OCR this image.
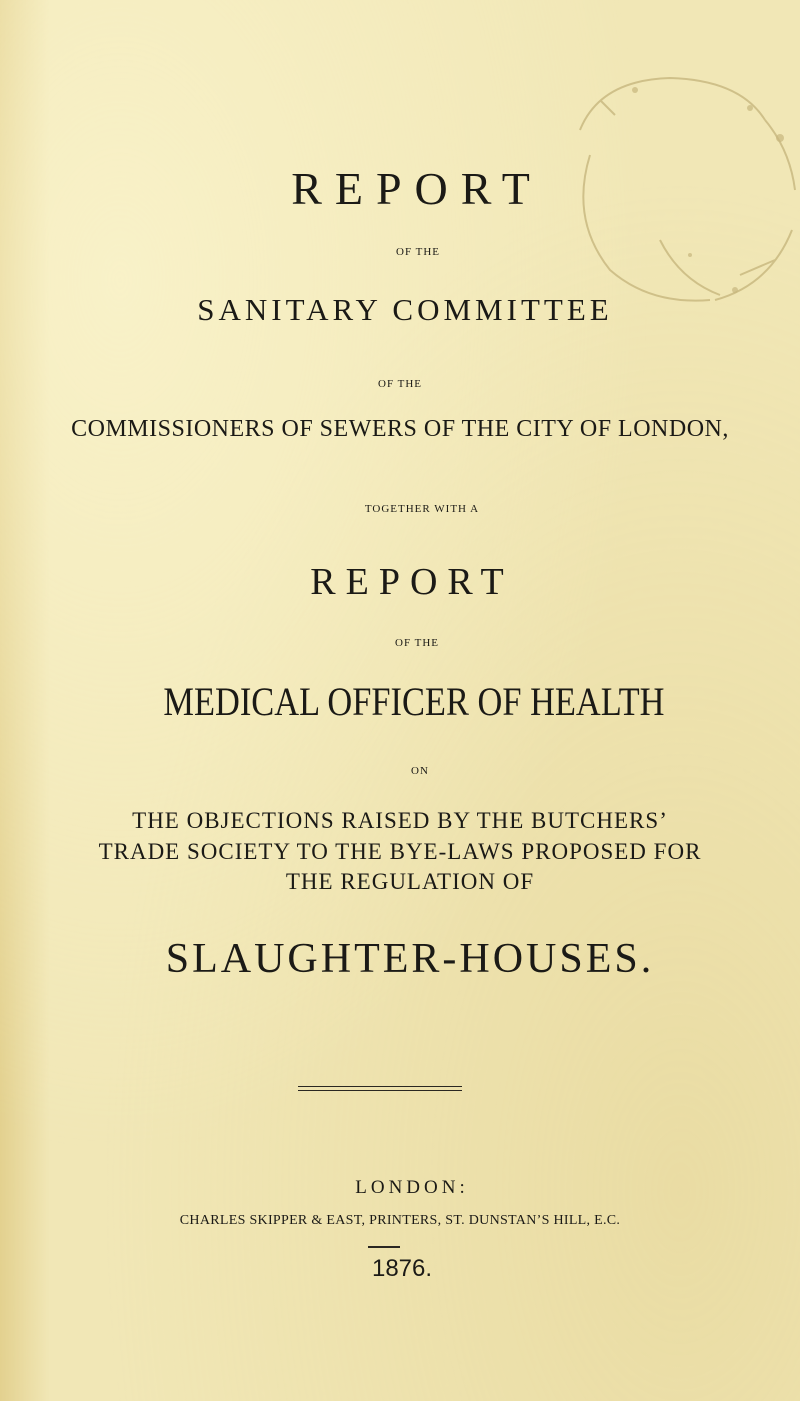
REPORT
OF THE
SANITARY COMMITTEE
OF THE
COMMISSIONERS OF SEWERS OF THE CITY OF LONDON,
TOGETHER WITH A
REPORT
OF THE
MEDICAL OFFICER OF HEALTH
ON
THE OBJECTIONS RAISED BY THE BUTCHERS’
TRADE SOCIETY TO THE BYE-LAWS PROPOSED FOR
THE REGULATION OF
SLAUGHTER-HOUSES.
LONDON:
CHARLES SKIPPER & EAST, PRINTERS, ST. DUNSTAN’S HILL, E.C.
1876.
